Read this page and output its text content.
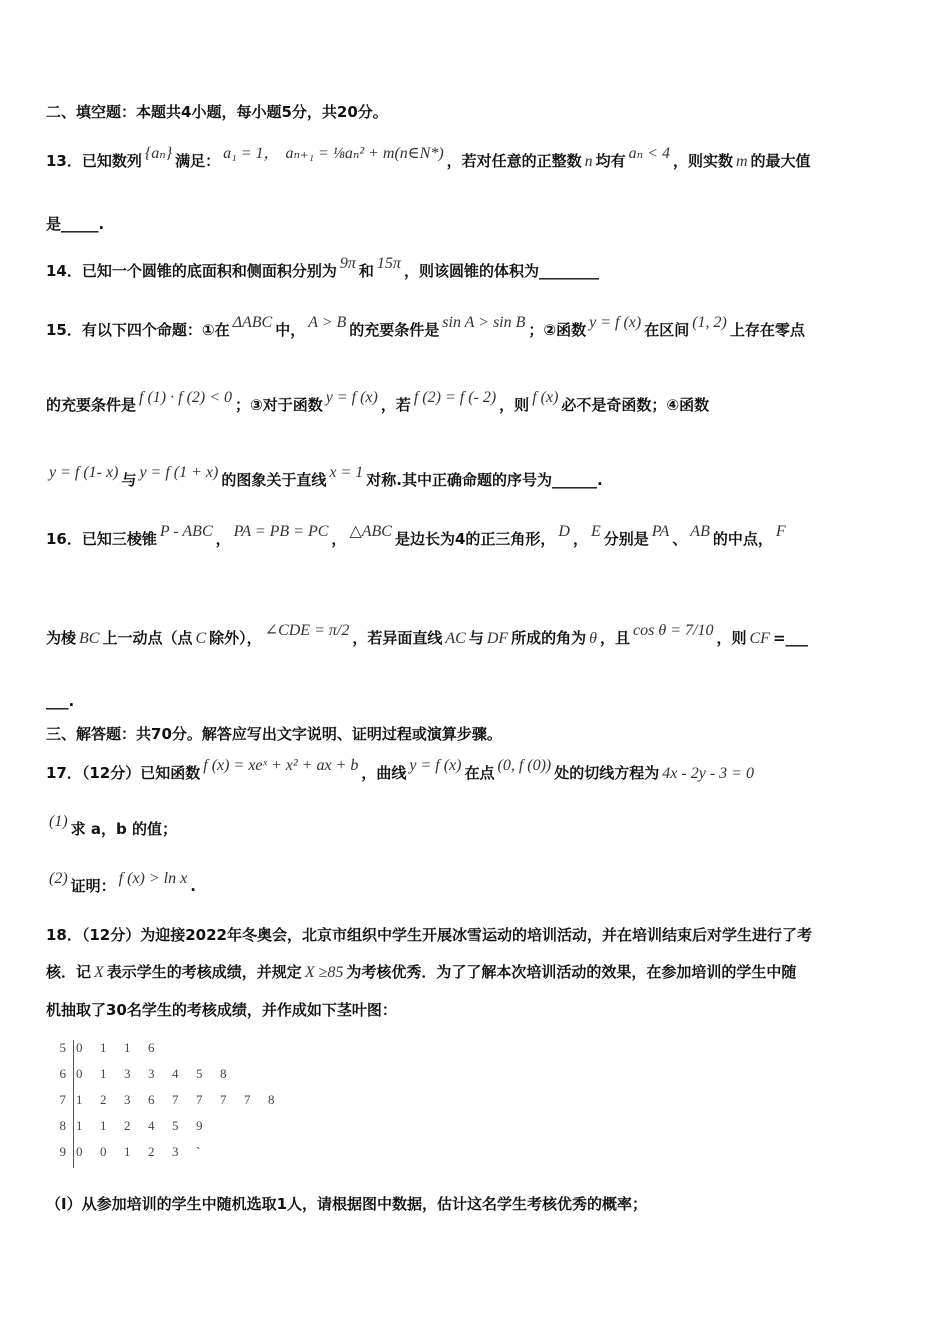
二、填空题：本题共4小题，每小题5分，共20分。
13．已知数列 {aₙ} 满足： a₁ = 1， aₙ₊₁ = ⅛aₙ² + m(n∈N*) ，若对任意的正整数 n 均有 aₙ < 4 ，则实数 m 的最大值
是_____.
14．已知一个圆锥的底面积和侧面积分别为 9π 和 15π ，则该圆锥的体积为________
15．有以下四个命题：①在 ΔABC 中， A > B 的充要条件是 sin A > sin B ；②函数 y = f (x) 在区间 (1, 2) 上存在零点
的充要条件是 f (1) · f (2) < 0 ；③对于函数 y = f (x) ，若 f (2) = f (- 2) ，则 f (x) 必不是奇函数；④函数
y = f (1- x) 与 y = f (1 + x) 的图象关于直线 x = 1 对称.其中正确命题的序号为______.
16．已知三棱锥 P - ABC ， PA = PB = PC ， △ABC 是边长为4的正三角形， D ， E 分别是 PA 、 AB 的中点， F
为棱 BC 上一动点（点 C 除外）， ∠CDE = π/2 ，若异面直线 AC 与 DF 所成的角为 θ ，且 cos θ = 7/10 ，则 CF =___
___.
三、解答题：共70分。解答应写出文字说明、证明过程或演算步骤。
17．（12分）已知函数 f (x) = xeˣ + x² + ax + b ，曲线 y = f (x) 在点 (0, f (0)) 处的切线方程为 4x - 2y - 3 = 0
(1) 求 a，b 的值；
(2) 证明： f (x) > ln x .
18．（12分）为迎接2022年冬奥会，北京市组织中学生开展冰雪运动的培训活动，并在培训结束后对学生进行了考
核．记 X 表示学生的考核成绩，并规定 X ≥85 为考核优秀．为了了解本次培训活动的效果，在参加培训的学生中随
机抽取了30名学生的考核成绩，并作成如下茎叶图：
5 0 1 1 6
6 0 1 3 3 4 5 8
7 1 2 3 6 7 7 7 7 8
8 1 1 2 4 5 9
9 0 0 1 2 3 `
（Ⅰ）从参加培训的学生中随机选取1人，请根据图中数据，估计这名学生考核优秀的概率；
